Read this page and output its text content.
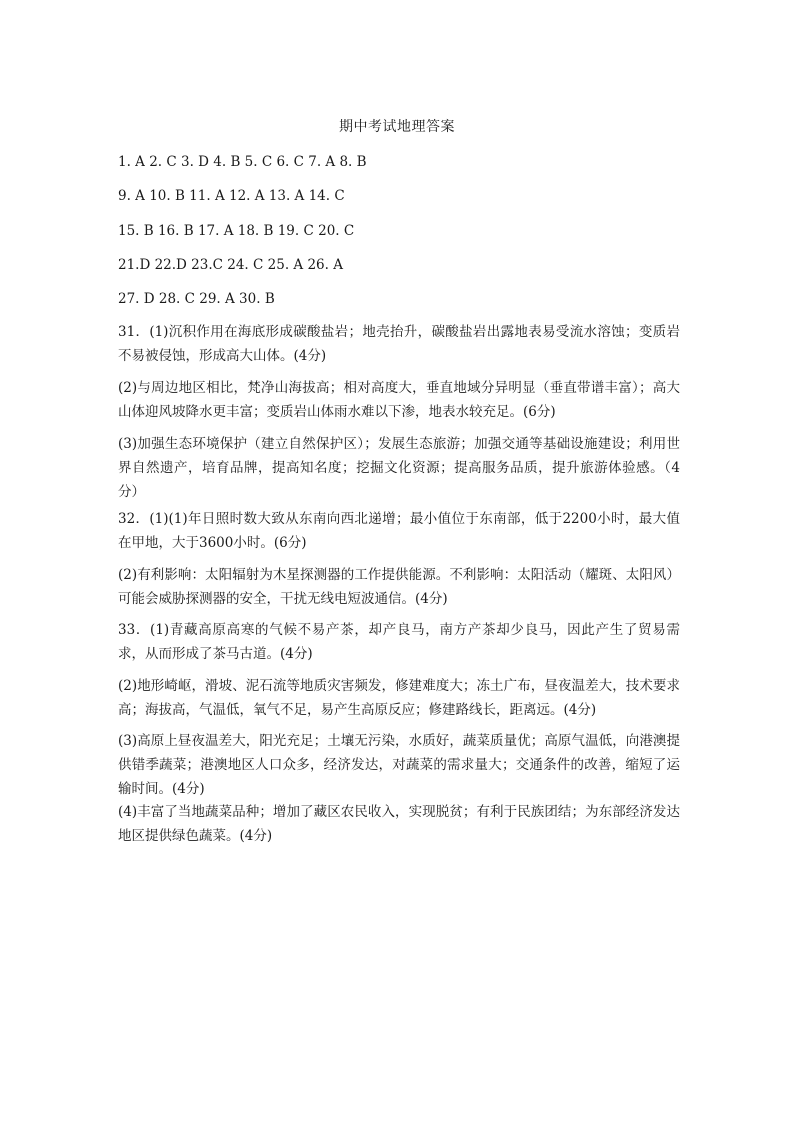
期中考试地理答案
1. A 2. C 3. D 4. B 5. C 6. C 7. A 8. B
9. A 10. B 11. A 12. A 13. A 14. C
15. B 16. B 17. A 18. B 19. C 20. C
21.D 22.D 23.C 24. C 25. A 26. A
27. D 28. C 29. A 30. B
31．(1)沉积作用在海底形成碳酸盐岩；地壳抬升，碳酸盐岩出露地表易受流水溶蚀；变质岩不易被侵蚀，形成高大山体。(4分)
(2)与周边地区相比，梵净山海拔高；相对高度大，垂直地域分异明显（垂直带谱丰富）；高大山体迎风坡降水更丰富；变质岩山体雨水难以下渗，地表水较充足。(6分)
(3)加强生态环境保护（建立自然保护区）；发展生态旅游；加强交通等基础设施建设；利用世界自然遗产，培育品牌，提高知名度；挖掘文化资源；提高服务品质，提升旅游体验感。（4分）
32．(1)(1)年日照时数大致从东南向西北递增；最小值位于东南部，低于2200小时，最大值在甲地，大于3600小时。(6分)
(2)有利影响：太阳辐射为木星探测器的工作提供能源。不利影响：太阳活动（耀斑、太阳风）可能会威胁探测器的安全，干扰无线电短波通信。(4分)
33．(1)青藏高原高寒的气候不易产茶，却产良马，南方产茶却少良马，因此产生了贸易需求，从而形成了茶马古道。(4分)
(2)地形崎岖，滑坡、泥石流等地质灾害频发，修建难度大；冻土广布，昼夜温差大，技术要求高；海拔高，气温低，氧气不足，易产生高原反应；修建路线长，距离远。(4分)
(3)高原上昼夜温差大，阳光充足；土壤无污染，水质好，蔬菜质量优；高原气温低，向港澳提供错季蔬菜；港澳地区人口众多，经济发达，对蔬菜的需求量大；交通条件的改善，缩短了运输时间。(4分)
(4)丰富了当地蔬菜品种；增加了藏区农民收入，实现脱贫；有利于民族团结；为东部经济发达地区提供绿色蔬菜。(4分)
